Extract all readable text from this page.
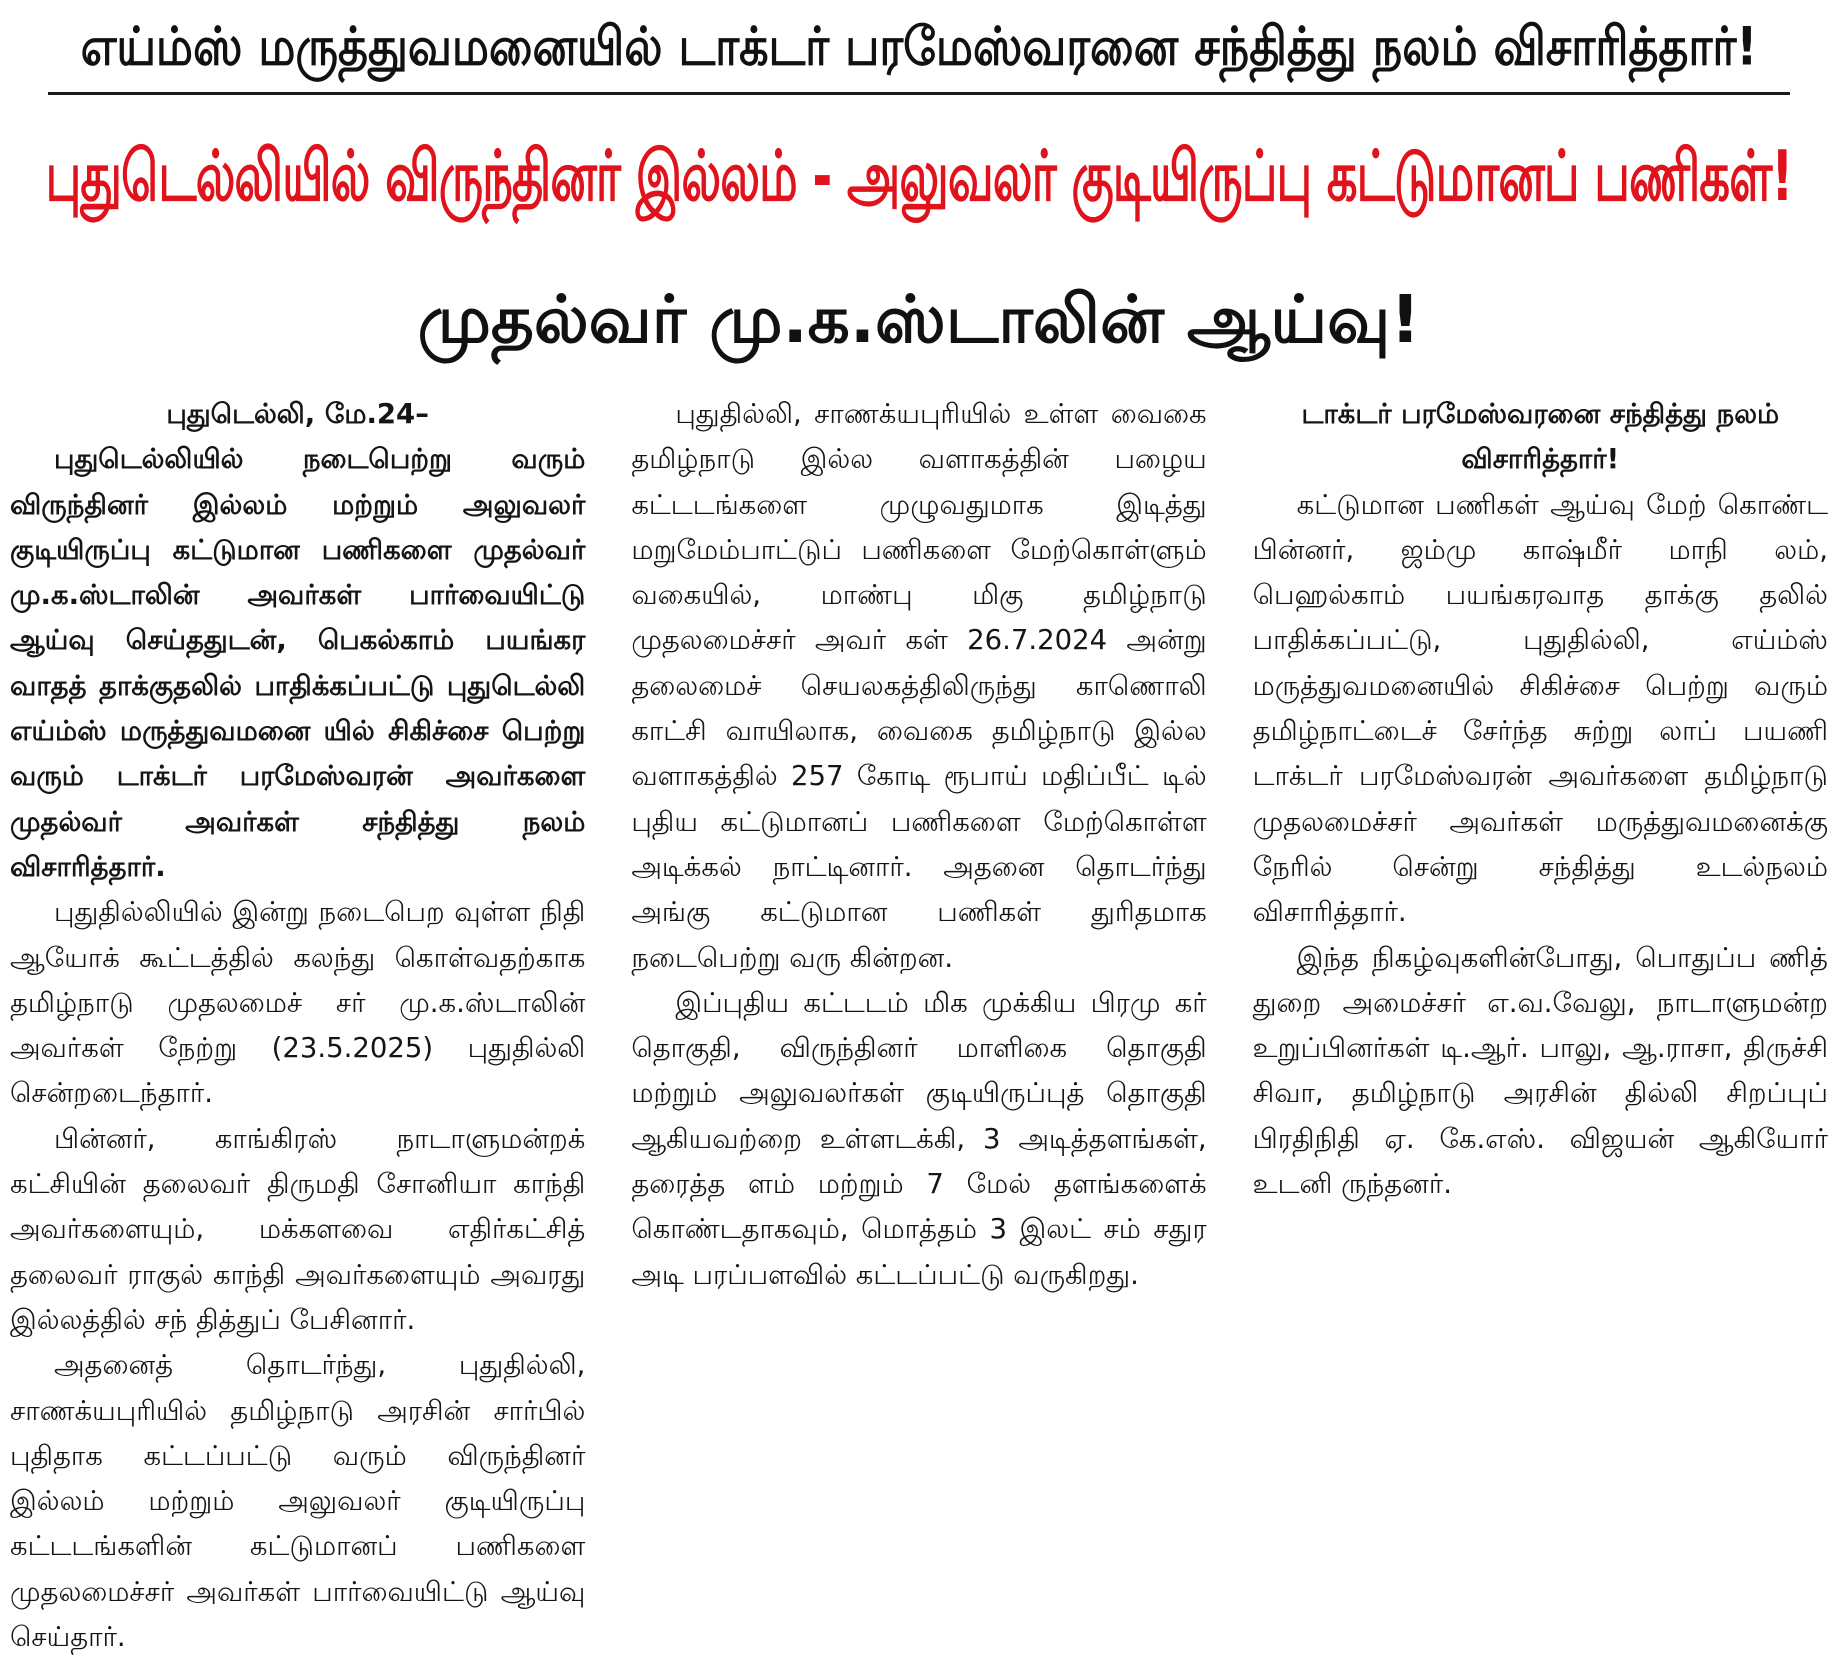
எய்ம்ஸ் மருத்துவமனையில் டாக்டர் பரமேஸ்வரனை சந்தித்து நலம் விசாரித்தார்!
புதுடெல்லியில் விருந்தினர் இல்லம் - அலுவலர் குடியிருப்பு கட்டுமானப் பணிகள்!
முதல்வர் மு.க.ஸ்டாலின் ஆய்வு!

புதுடெல்லி, மே.24–

புதுடெல்லியில் நடைபெற்று வரும் விருந்தினர் இல்லம் மற்றும் அலுவலர் குடியிருப்பு கட்டுமான பணிகளை முதல்வர் மு.க.ஸ்டாலின் அவர்கள் பார்வையிட்டு ஆய்வு செய்ததுடன், பெகல்காம் பயங்கர வாதத் தாக்குதலில் பாதிக்கப்பட்டு புதுடெல்லி எய்ம்ஸ் மருத்துவமனை யில் சிகிச்சை பெற்று வரும் டாக்டர் பரமேஸ்வரன் அவர்களை முதல்வர் அவர்கள் சந்தித்து நலம் விசாரித்தார்.

புதுதில்லியில் இன்று நடைபெற வுள்ள நிதி ஆயோக் கூட்டத்தில் கலந்து கொள்வதற்காக தமிழ்நாடு முதலமைச் சர் மு.க.ஸ்டாலின் அவர்கள் நேற்று (23.5.2025) புதுதில்லி சென்றடைந்தார்.

பின்னர், காங்கிரஸ் நாடாளுமன்றக் கட்சியின் தலைவர் திருமதி சோனியா காந்தி அவர்களையும், மக்களவை எதிர்கட்சித் தலைவர் ராகுல் காந்தி அவர்களையும் அவரது இல்லத்தில் சந் தித்துப் பேசினார்.

அதனைத் தொடர்ந்து, புதுதில்லி, சாணக்யபுரியில் தமிழ்நாடு அரசின் சார்பில் புதிதாக கட்டப்பட்டு வரும் விருந்தினர் இல்லம் மற்றும் அலுவலர் குடியிருப்பு கட்டடங்களின் கட்டுமானப் பணிகளை முதலமைச்சர் அவர்கள் பார்வையிட்டு ஆய்வு செய்தார்.

புதுதில்லி, சாணக்யபுரியில் உள்ள வைகை தமிழ்நாடு இல்ல வளாகத்தின் பழைய கட்டடங்களை முழுவதுமாக இடித்து மறுமேம்பாட்டுப் பணிகளை மேற்கொள்ளும் வகையில், மாண்பு மிகு தமிழ்நாடு முதலமைச்சர் அவர் கள் 26.7.2024 அன்று தலைமைச் செயலகத்திலிருந்து காணொலி காட்சி வாயிலாக, வைகை தமிழ்நாடு இல்ல வளாகத்தில் 257 கோடி ரூபாய் மதிப்பீட் டில் புதிய கட்டுமானப் பணிகளை மேற்கொள்ள அடிக்கல் நாட்டினார். அதனை தொடர்ந்து அங்கு கட்டுமான பணிகள் துரிதமாக நடைபெற்று வரு கின்றன.

இப்புதிய கட்டடம் மிக முக்கிய பிரமு கர் தொகுதி, விருந்தினர் மாளிகை தொகுதி மற்றும் அலுவலர்கள் குடியிருப்புத் தொகுதி ஆகியவற்றை உள்ளடக்கி, 3 அடித்தளங்கள், தரைத்த ளம் மற்றும் 7 மேல் தளங்களைக் கொண்டதாகவும், மொத்தம் 3 இலட் சம் சதுர அடி பரப்பளவில் கட்டப்பட்டு வருகிறது.

டாக்டர் பரமேஸ்வரனை சந்தித்து நலம் விசாரித்தார்!

கட்டுமான பணிகள் ஆய்வு மேற் கொண்ட பின்னர், ஜம்மு காஷ்மீர் மாநி லம், பெஹல்காம் பயங்கரவாத தாக்கு தலில் பாதிக்கப்பட்டு, புதுதில்லி, எய்ம்ஸ் மருத்துவமனையில் சிகிச்சை பெற்று வரும் தமிழ்நாட்டைச் சேர்ந்த சுற்று லாப் பயணி டாக்டர் பரமேஸ்வரன் அவர்களை தமிழ்நாடு முதலமைச்சர் அவர்கள் மருத்துவமனைக்கு நேரில் சென்று சந்தித்து உடல்நலம் விசாரித்தார்.

இந்த நிகழ்வுகளின்போது, பொதுப்ப ணித் துறை அமைச்சர் எ.வ.வேலு, நாடாளுமன்ற உறுப்பினர்கள் டி.ஆர். பாலு, ஆ.ராசா, திருச்சி சிவா, தமிழ்நாடு அரசின் தில்லி சிறப்புப் பிரதிநிதி ஏ. கே.எஸ். விஜயன் ஆகியோர் உடனி ருந்தனர்.
